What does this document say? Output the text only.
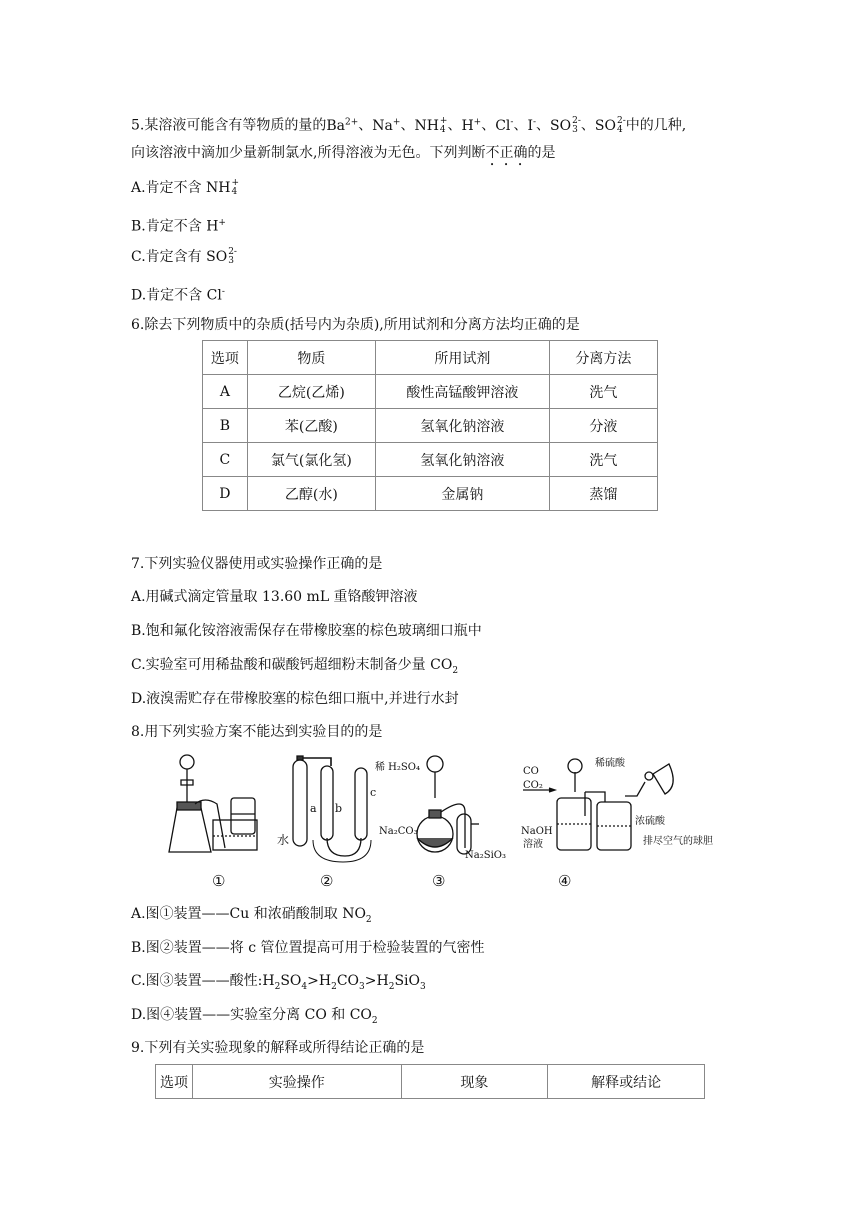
5.某溶液可能含有等物质的量的$Ba^{2+}$、Na+、NH +
4 、H+、Cl-、I-、SO 2-
3 、SO 2-
4 中的几种,
向该溶液中滴加少量新制氯水,所得溶液为无色。下列判断不正确的是
A.肯定不含 NH +
4
B.肯定不含 H+
C.肯定含有 SO 2-
3
D.肯定不含 Cl-
6.除去下列物质中的杂质(括号内为杂质),所用试剂和分离方法均正确的是
选项	物质	所用试剂	分离方法
A	乙烷(乙烯)	酸性高锰酸钾溶液	洗气
B	苯(乙酸)	氢氧化钠溶液	分液
C	氯气(氯化氢)	氢氧化钠溶液	洗气
D	乙醇(水)	金属钠	蒸馏
7.下列实验仪器使用或实验操作正确的是
A.用碱式滴定管量取 13.60 mL 重铬酸钾溶液
B.饱和氟化铵溶液需保存在带橡胶塞的棕色玻璃细口瓶中
C.实验室可用稀盐酸和碳酸钙超细粉末制备少量 $CO_2$
D.液溴需贮存在带橡胶塞的棕色细口瓶中,并进行水封
8.用下列实验方案不能达到实验目的的是
水
a b
c
稀 H₂SO₄
Na₂CO₃
Na₂SiO₃
CO
CO₂
稀硫酸
NaOH
溶液
浓硫酸
排尽空气的球胆
①	②	③	④
A.图①装置——Cu 和浓硝酸制取 $NO_2$
B.图②装置——将 c 管位置提高可用于检验装置的气密性
C.图③装置——酸性$:H_2SO_4>H_2CO_3>H_2SiO_3$
D.图④装置——实验室分离 CO 和 $CO_2$
9.下列有关实验现象的解释或所得结论正确的是
选项	实验操作	现象	解释或结论
